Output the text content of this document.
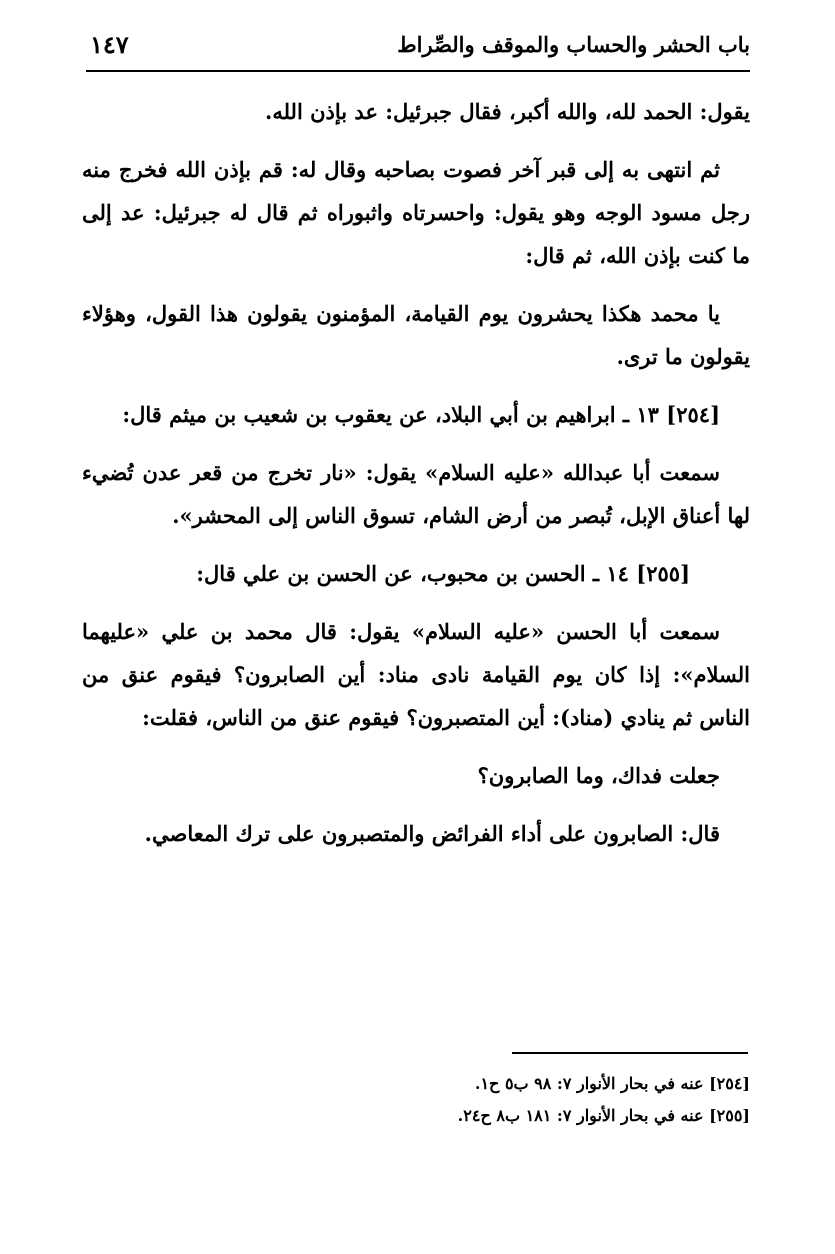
باب الحشر والحساب والموقف والصِّراط
١٤٧

يقول: الحمد لله، والله أكبر، فقال جبرئيل: عد بإذن الله.

ثم انتهى به إلى قبر آخر فصوت بصاحبه وقال له: قم بإذن الله فخرج منه رجل مسود الوجه وهو يقول: واحسرتاه واثبوراه ثم قال له جبرئيل: عد إلى ما كنت بإذن الله، ثم قال:

يا محمد هكذا يحشرون يوم القيامة، المؤمنون يقولون هذا القول، وهؤلاء يقولون ما ترى.

[٢٥٤] ١٣ ـ ابراهيم بن أبي البلاد، عن يعقوب بن شعيب بن ميثم قال:

سمعت أبا عبدالله «عليه السلام» يقول: «نار تخرج من قعر عدن تُضيء لها أعناق الإبل، تُبصر من أرض الشام، تسوق الناس إلى المحشر».

[٢٥٥] ١٤ ـ الحسن بن محبوب، عن الحسن بن علي قال:

سمعت أبا الحسن «عليه السلام» يقول: قال محمد بن علي «عليهما السلام»: إذا كان يوم القيامة نادى مناد: أين الصابرون؟ فيقوم عنق من الناس ثم ينادي (مناد): أين المتصبرون؟ فيقوم عنق من الناس، فقلت:

جعلت فداك، وما الصابرون؟

قال: الصابرون على أداء الفرائض والمتصبرون على ترك المعاصي.

[٢٥٤] عنه في بحار الأنوار ٧: ٩٨ ب٥ ح١.

[٢٥٥] عنه في بحار الأنوار ٧: ١٨١ ب٨ ح٢٤.
